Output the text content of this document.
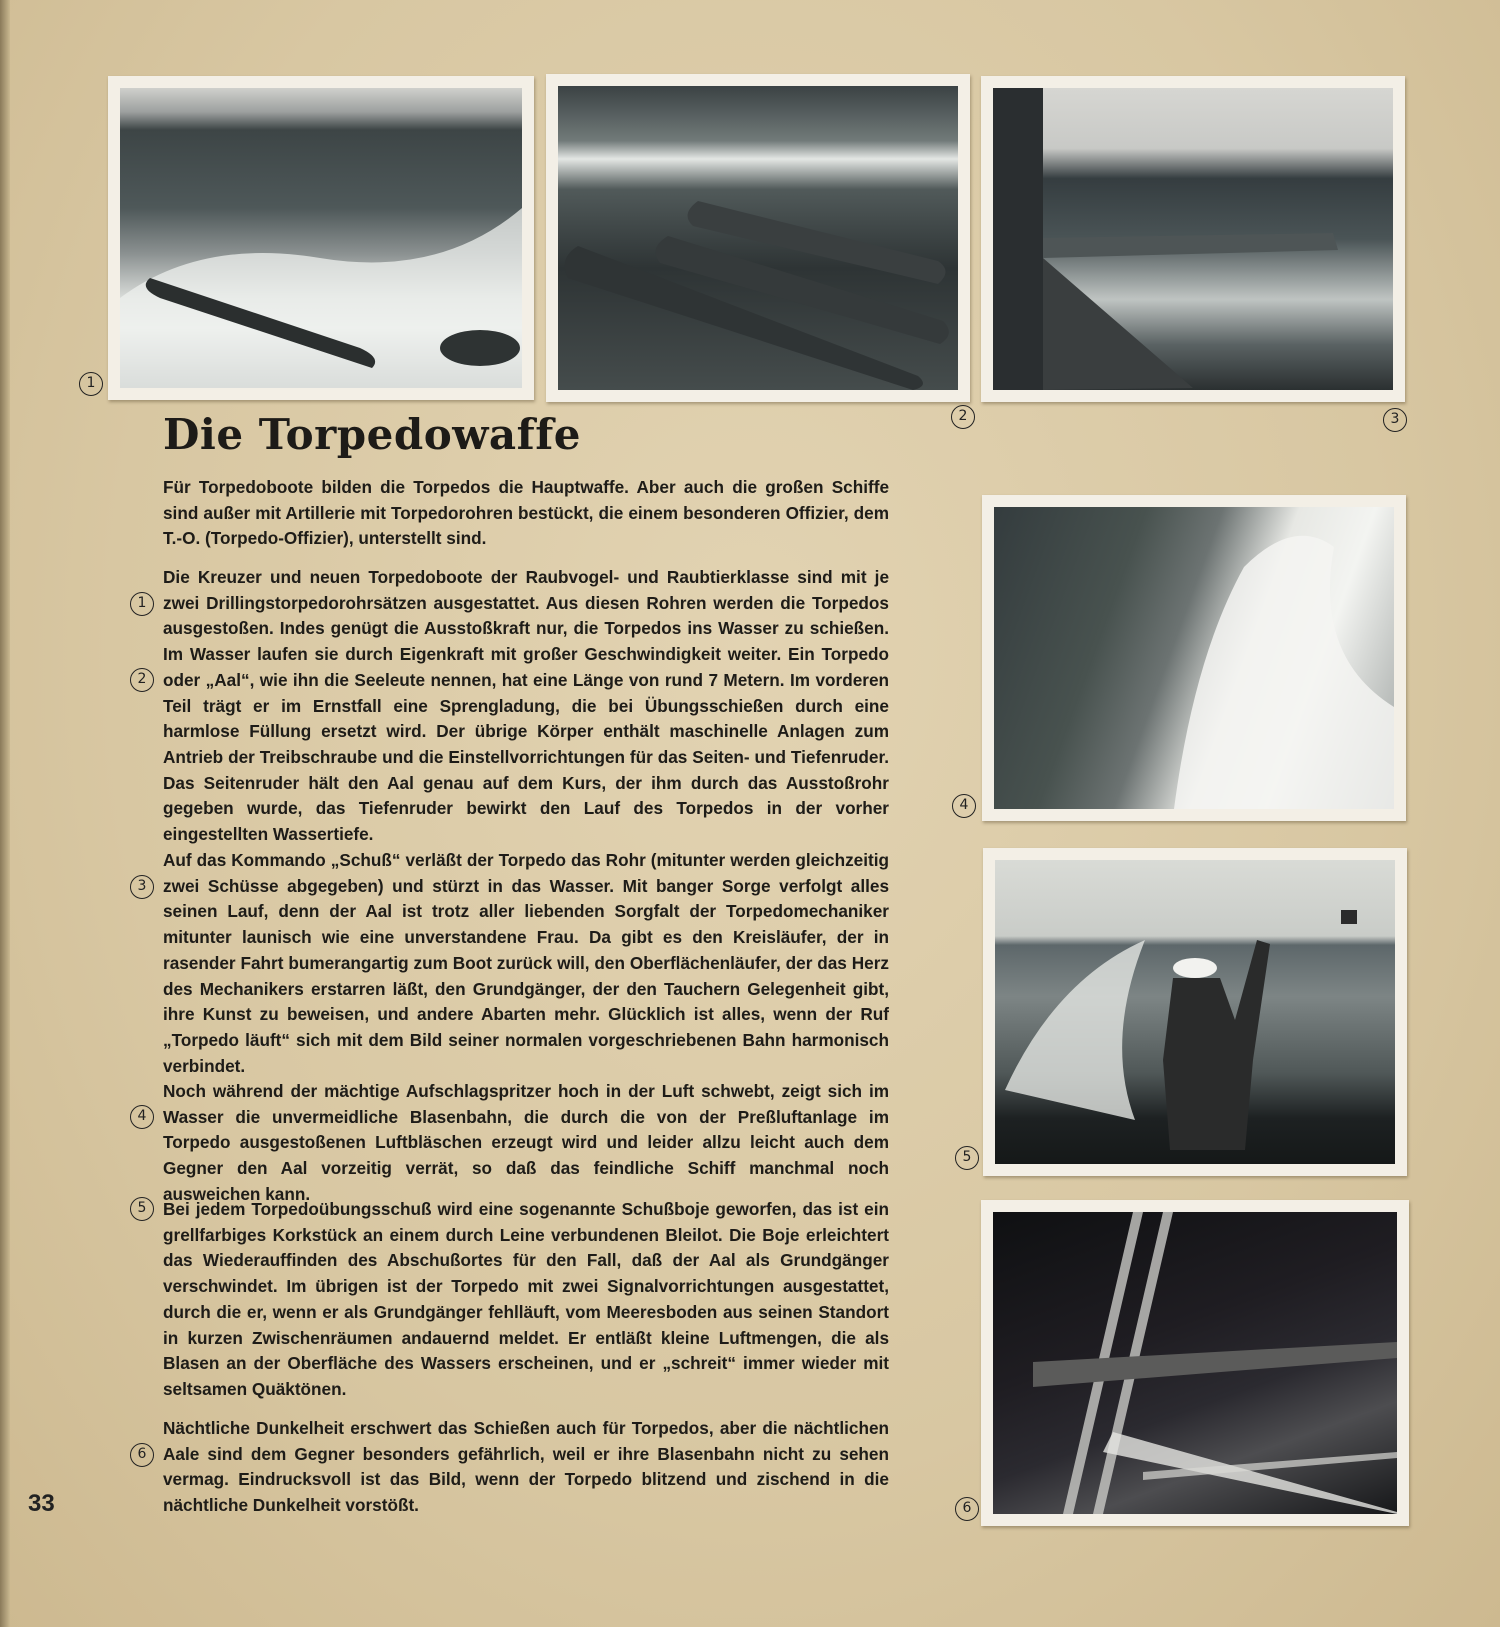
1
2	3
Die Torpedowaffe

Für Torpedoboote bilden die Torpedos die Hauptwaffe. Aber auch die großen Schiffe sind außer mit Artillerie mit Torpedorohren bestückt, die einem besonderen Offizier, dem T.-O. (Torpedo-Offizier), unterstellt sind.

Die Kreuzer und neuen Torpedoboote der Raubvogel- und Raubtierklasse sind mit je zwei Drillingstorpedorohrsätzen ausgestattet. Aus diesen Rohren werden die Torpedos ausgestoßen. Indes genügt die Ausstoßkraft nur, die Torpedos ins Wasser zu schießen. Im Wasser laufen sie durch Eigenkraft mit großer Geschwindigkeit weiter. Ein Torpedo oder „Aal“, wie ihn die Seeleute nennen, hat eine Länge von rund 7 Metern. Im vorderen Teil trägt er im Ernstfall eine Sprengladung, die bei Übungsschießen durch eine harmlose Füllung ersetzt wird. Der übrige Körper enthält maschinelle Anlagen zum Antrieb der Treibschraube und die Einstellvorrichtungen für das Seiten- und Tiefenruder. Das Seitenruder hält den Aal genau auf dem Kurs, der ihm durch das Ausstoßrohr gegeben wurde, das Tiefenruder bewirkt den Lauf des Torpedos in der vorher eingestellten Wassertiefe.

Auf das Kommando „Schuß“ verläßt der Torpedo das Rohr (mitunter werden gleichzeitig zwei Schüsse abgegeben) und stürzt in das Wasser. Mit banger Sorge verfolgt alles seinen Lauf, denn der Aal ist trotz aller liebenden Sorgfalt der Torpedomechaniker mitunter launisch wie eine unverstandene Frau. Da gibt es den Kreisläufer, der in rasender Fahrt bumerangartig zum Boot zurück will, den Oberflächenläufer, der das Herz des Mechanikers erstarren läßt, den Grundgänger, der den Tauchern Gelegenheit gibt, ihre Kunst zu beweisen, und andere Abarten mehr. Glücklich ist alles, wenn der Ruf „Torpedo läuft“ sich mit dem Bild seiner normalen vorgeschriebenen Bahn harmonisch verbindet.

Noch während der mächtige Aufschlagspritzer hoch in der Luft schwebt, zeigt sich im Wasser die unvermeidliche Blasenbahn, die durch die von der Preßluftanlage im Torpedo ausgestoßenen Luftbläschen erzeugt wird und leider allzu leicht auch dem Gegner den Aal vorzeitig verrät, so daß das feindliche Schiff manchmal noch ausweichen kann.

Bei jedem Torpedoübungsschuß wird eine sogenannte Schußboje geworfen, das ist ein grellfarbiges Korkstück an einem durch Leine verbundenen Bleilot. Die Boje erleichtert das Wiederauffinden des Abschußortes für den Fall, daß der Aal als Grundgänger verschwindet. Im übrigen ist der Torpedo mit zwei Signalvorrichtungen ausgestattet, durch die er, wenn er als Grundgänger fehlläuft, vom Meeresboden aus seinen Standort in kurzen Zwischenräumen andauernd meldet. Er entläßt kleine Luftmengen, die als Blasen an der Oberfläche des Wassers erscheinen, und er „schreit“ immer wieder mit seltsamen Quäktönen.

Nächtliche Dunkelheit erschwert das Schießen auch für Torpedos, aber die nächtlichen Aale sind dem Gegner besonders gefährlich, weil er ihre Blasenbahn nicht zu sehen vermag. Eindrucksvoll ist das Bild, wenn der Torpedo blitzend und zischend in die nächtliche Dunkelheit vorstößt.

1
2
3
4
5
6
4
5
6
33
